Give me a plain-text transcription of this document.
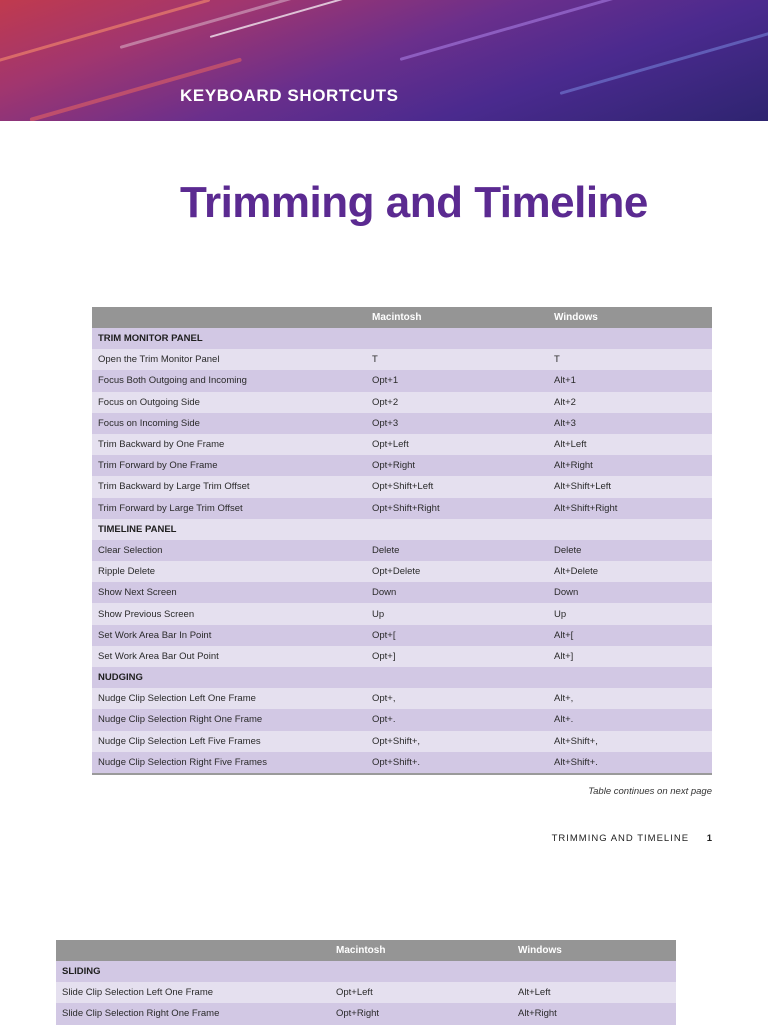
KEYBOARD SHORTCUTS
Trimming and Timeline
	Macintosh	Windows
TRIM MONITOR PANEL		
Open the Trim Monitor Panel	T	T
Focus Both Outgoing and Incoming	Opt+1	Alt+1
Focus on Outgoing Side	Opt+2	Alt+2
Focus on Incoming Side	Opt+3	Alt+3
Trim Backward by One Frame	Opt+Left	Alt+Left
Trim Forward by One Frame	Opt+Right	Alt+Right
Trim Backward by Large Trim Offset	Opt+Shift+Left	Alt+Shift+Left
Trim Forward by Large Trim Offset	Opt+Shift+Right	Alt+Shift+Right
TIMELINE PANEL		
Clear Selection	Delete	Delete
Ripple Delete	Opt+Delete	Alt+Delete
Show Next Screen	Down	Down
Show Previous Screen	Up	Up
Set Work Area Bar In Point	Opt+[	Alt+[
Set Work Area Bar Out Point	Opt+]	Alt+]
NUDGING		
Nudge Clip Selection Left One Frame	Opt+,	Alt+,
Nudge Clip Selection Right One Frame	Opt+.	Alt+.
Nudge Clip Selection Left Five Frames	Opt+Shift+,	Alt+Shift+,
Nudge Clip Selection Right Five Frames	Opt+Shift+.	Alt+Shift+.
Table continues on next page
TRIMMING AND TIMELINE 1
	Macintosh	Windows
SLIDING		
Slide Clip Selection Left One Frame	Opt+Left	Alt+Left
Slide Clip Selection Right One Frame	Opt+Right	Alt+Right
